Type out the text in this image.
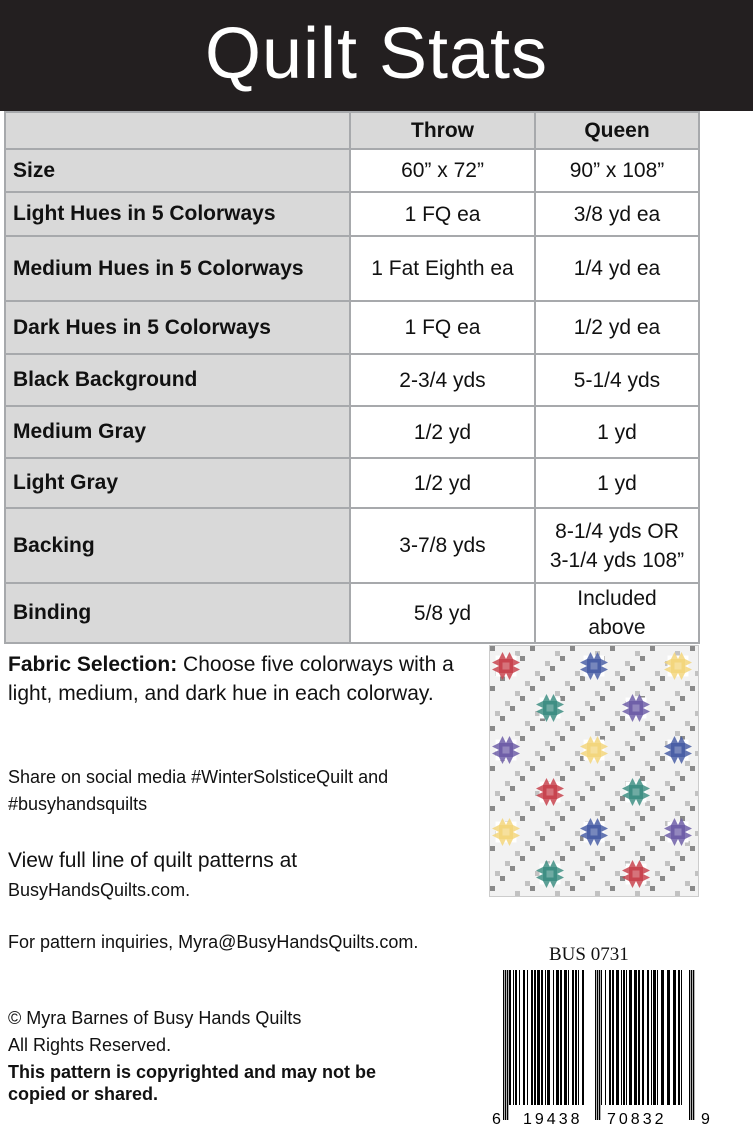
Quilt Stats
	Throw	Queen
Size	60” x 72”	90” x 108”
Light Hues in 5 Colorways	1 FQ ea	3/8 yd ea
Medium Hues in 5 Colorways	1 Fat Eighth ea	1/4 yd ea
Dark Hues in 5 Colorways	1 FQ ea	1/2 yd ea
Black Background	2-3/4 yds	5-1/4 yds
Medium Gray	1/2 yd	1 yd
Light Gray	1/2 yd	1 yd
Backing	3-7/8 yds	8-1/4 yds OR
3-1/4 yds 108”
Binding	5/8 yd	Included
above
Fabric Selection: Choose five colorways with a light, medium, and dark hue in each colorway.
Share on social media #WinterSolsticeQuilt and
#busyhandsquilts
View full line of quilt patterns at
BusyHandsQuilts.com.
For pattern inquiries, Myra@BusyHandsQuilts.com.
© Myra Barnes of Busy Hands Quilts
All Rights Reserved.
This pattern is copyrighted and may not be copied or shared.
BUS 0731
6 19438 70832 9
